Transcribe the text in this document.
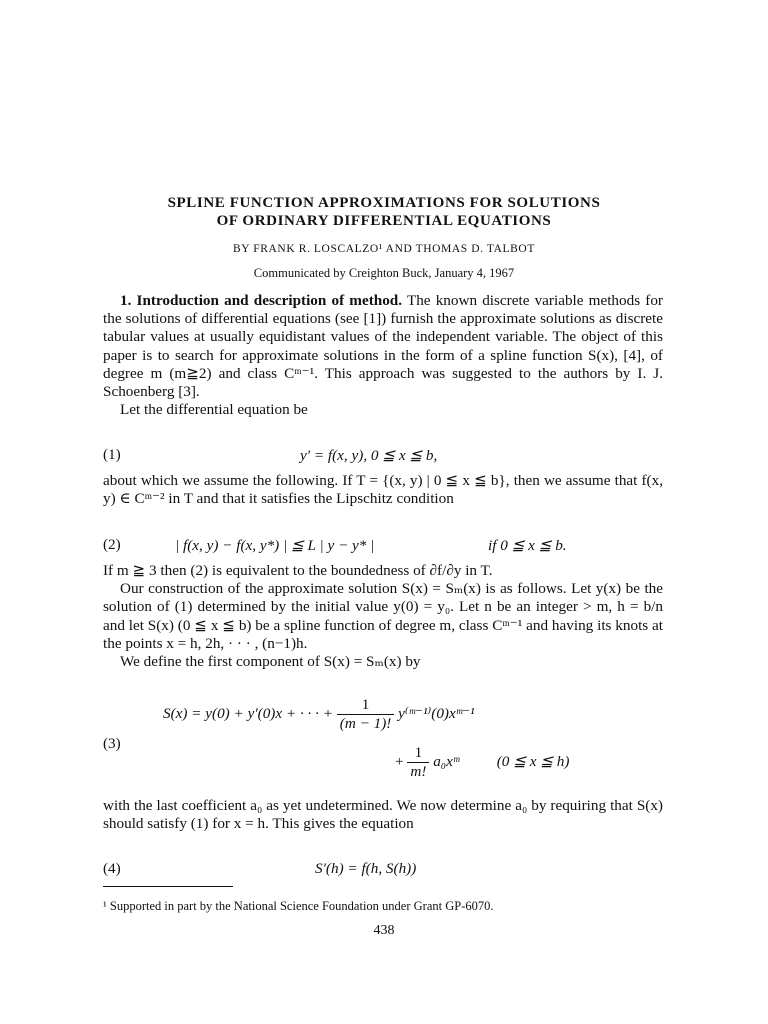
SPLINE FUNCTION APPROXIMATIONS FOR SOLUTIONS
OF ORDINARY DIFFERENTIAL EQUATIONS
BY FRANK R. LOSCALZO¹ AND THOMAS D. TALBOT
Communicated by Creighton Buck, January 4, 1967

1. Introduction and description of method. The known discrete variable methods for the solutions of differential equations (see [1]) furnish the approximate solutions as discrete tabular values at usually equidistant values of the independent variable. The object of this paper is to search for approximate solutions in the form of a spline function S(x), [4], of degree m (m≧2) and class Cᵐ⁻¹. This approach was suggested to the authors by I. J. Schoenberg [3].

Let the differential equation be

(1)	y′ = f(x, y), 0 ≦ x ≦ b,
about which we assume the following. If T = {(x, y) | 0 ≦ x ≦ b}, then we assume that f(x, y) ∈ Cᵐ⁻² in T and that it satisfies the Lipschitz condition
(2)	| f(x, y) − f(x, y*) | ≦ L | y − y* |	if 0 ≦ x ≦ b.

If m ≧ 3 then (2) is equivalent to the boundedness of ∂f/∂y in T.

Our construction of the approximate solution S(x) = Sₘ(x) is as follows. Let y(x) be the solution of (1) determined by the initial value y(0) = y₀. Let n be an integer > m, h = b/n and let S(x) (0 ≦ x ≦ b) be a spline function of degree m, class Cᵐ⁻¹ and having its knots at the points x = h, 2h, · · · , (n−1)h.

We define the first component of S(x) = Sₘ(x) by

(3)
S(x) = y(0) + y′(0)x + · · · + $\frac{1}{(m - 1)!}$ y⁽ᵐ⁻¹⁾(0)xᵐ⁻¹
+ $\frac{1}{m!}$ a₀xᵐ (0 ≦ x ≦ h)
with the last coefficient a₀ as yet undetermined. We now determine a₀ by requiring that S(x) should satisfy (1) for x = h. This gives the equation
(4)	S′(h) = f(h, S(h))
¹ Supported in part by the National Science Foundation under Grant GP-6070.
438
